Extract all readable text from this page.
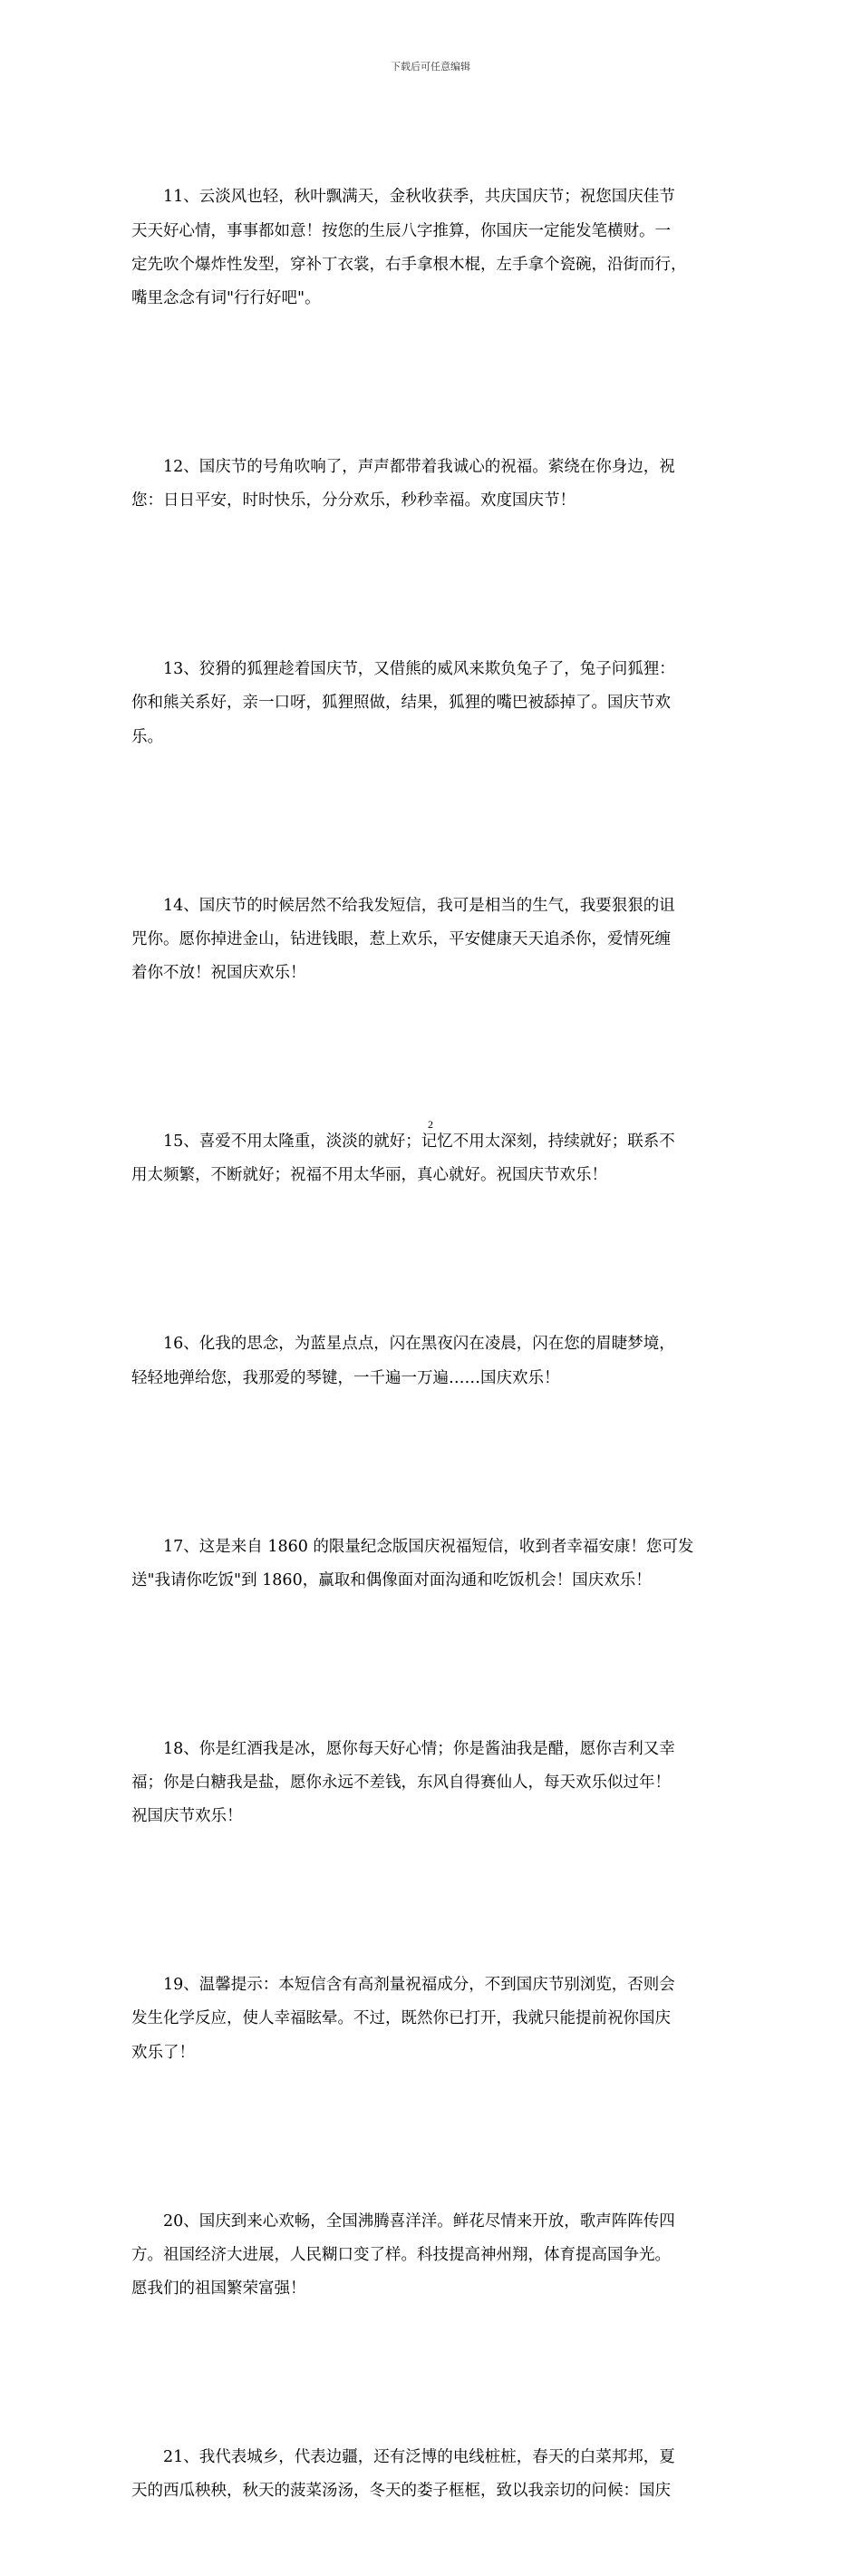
下载后可任意编辑

11、云淡风也轻，秋叶飘满天，金秋收获季，共庆国庆节；祝您国庆佳节
天天好心情，事事都如意！按您的生辰八字推算，你国庆一定能发笔横财。一
定先吹个爆炸性发型，穿补丁衣裳，右手拿根木棍，左手拿个瓷碗，沿街而行，
嘴里念念有词"行行好吧"。

12、国庆节的号角吹响了，声声都带着我诚心的祝福。萦绕在你身边，祝
您：日日平安，时时快乐，分分欢乐，秒秒幸福。欢度国庆节！

13、狡猾的狐狸趁着国庆节，又借熊的威风来欺负兔子了，兔子问狐狸：
你和熊关系好，亲一口呀，狐狸照做，结果，狐狸的嘴巴被舔掉了。国庆节欢
乐。

14、国庆节的时候居然不给我发短信，我可是相当的生气，我要狠狠的诅
咒你。愿你掉进金山，钻进钱眼，惹上欢乐，平安健康天天追杀你，爱情死缠
着你不放！祝国庆欢乐！

15、喜爱不用太隆重，淡淡的就好；记忆不用太深刻，持续就好；联系不
用太频繁，不断就好；祝福不用太华丽，真心就好。祝国庆节欢乐！

16、化我的思念，为蓝星点点，闪在黑夜闪在凌晨，闪在您的眉睫梦境，
轻轻地弹给您，我那爱的琴键，一千遍一万遍……国庆欢乐！

17、这是来自 1860 的限量纪念版国庆祝福短信，收到者幸福安康！您可发
送"我请你吃饭"到 1860，赢取和偶像面对面沟通和吃饭机会！国庆欢乐！

18、你是红酒我是冰，愿你每天好心情；你是酱油我是醋，愿你吉利又幸
福；你是白糖我是盐，愿你永远不差钱，东风自得赛仙人，每天欢乐似过年！
祝国庆节欢乐！

19、温馨提示：本短信含有高剂量祝福成分，不到国庆节别浏览，否则会
发生化学反应，使人幸福眩晕。不过，既然你已打开，我就只能提前祝你国庆
欢乐了！

20、国庆到来心欢畅，全国沸腾喜洋洋。鲜花尽情来开放，歌声阵阵传四
方。祖国经济大进展，人民糊口变了样。科技提高神州翔，体育提高国争光。
愿我们的祖国繁荣富强！

21、我代表城乡，代表边疆，还有泛博的电线桩桩，春天的白菜邦邦，夏
天的西瓜秧秧，秋天的菠菜汤汤，冬天的娄子框框，致以我亲切的问候：国庆

2
